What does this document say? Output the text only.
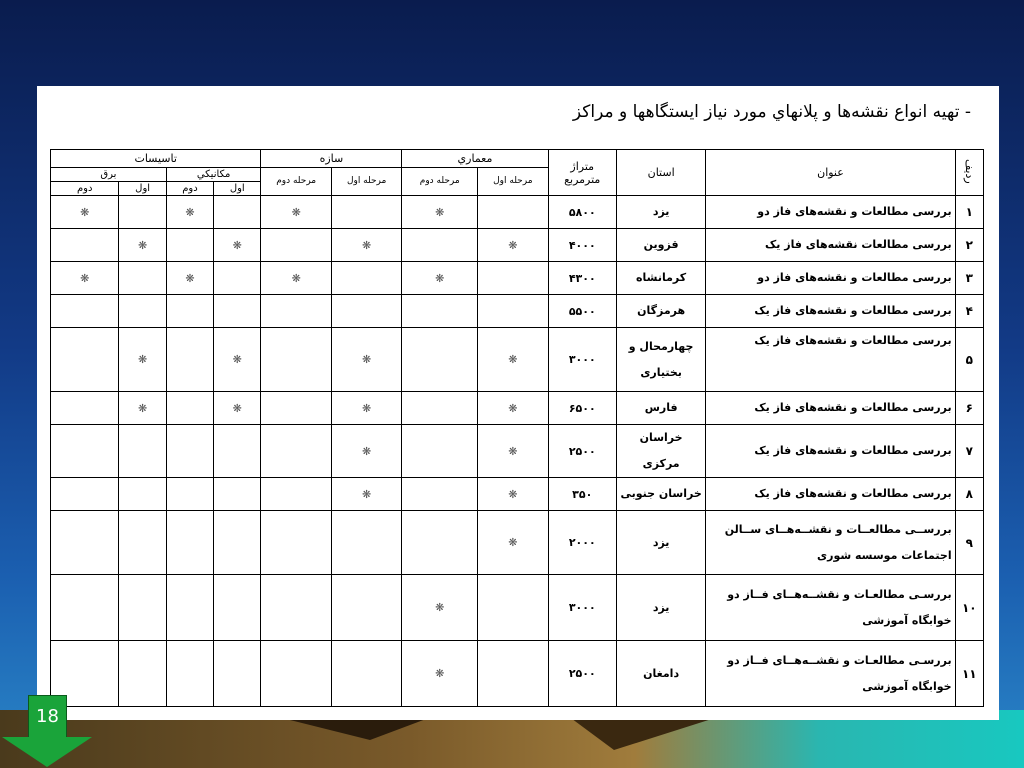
- تهيه انواع نقشه‌ها و پلانهاي مورد نياز ايستگاهها و مراكز
رديف	عنوان	استان	متراژ مترمربع	معماري		سازه		تاسيسات			
				مرحله اول	مرحله دوم	مرحله اول	مرحله دوم	مكانيكي		برق	
								اول	دوم	اول	دوم
۱	بررسی مطالعات و نقشه‌های فاز دو	یزد	۵۸۰۰		❋		❋		❋		❋
۲	بررسی مطالعات نقشه‌های فاز یک	قزوین	۴۰۰۰	❋		❋		❋		❋	
۳	بررسی مطالعات و نقشه‌های فاز دو	کرمانشاه	۴۳۰۰		❋		❋		❋		❋
۴	بررسی مطالعات و نقشه‌های فاز یک	هرمزگان	۵۵۰۰								
۵	بررسی مطالعات و نقشه‌های فاز یک	چهارمحال و بختیاری	۳۰۰۰	❋		❋		❋		❋	
۶	بررسی مطالعات و نقشه‌های فاز یک	فارس	۶۵۰۰	❋		❋		❋		❋	
۷	بررسی مطالعات و نقشه‌های فاز یک	خراسان مرکزی	۲۵۰۰	❋		❋					
۸	بررسی مطالعات و نقشه‌های فاز یک	خراسان جنوبی	۳۵۰	❋		❋					
۹	بررســی مطالعــات و نقشــه‌هــای ســالن اجتماعات موسسه شوری	یزد	۲۰۰۰	❋							
۱۰	بررسـی مطالعـات و نقشــه‌هــای فــاز دو خوابگاه آموزشی	یزد	۳۰۰۰		❋						
۱۱	بررسـی مطالعـات و نقشــه‌هــای فــاز دو خوابگاه آموزشی	دامغان	۲۵۰۰		❋						
18
